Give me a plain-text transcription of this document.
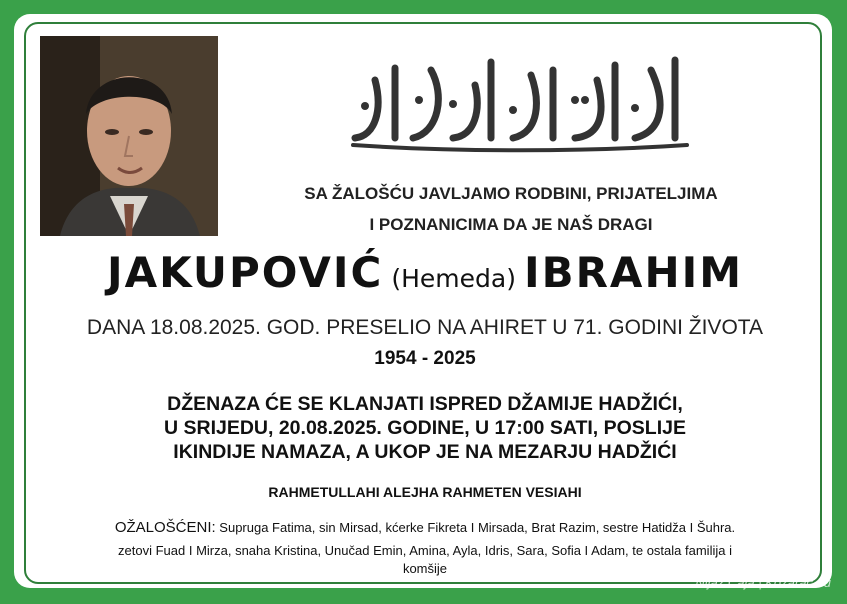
SA ŽALOŠĆU JAVLJAMO RODBINI, PRIJATELJIMA
I POZNANICIMA DA JE NAŠ DRAGI
JAKUPOVIĆ (Hemeda) IBRAHIM
DANA 18.08.2025. GOD. PRESELIO NA AHIRET U 71. GODINI ŽIVOTA
1954 - 2025
DŽENAZA ĆE SE KLANJATI ISPRED DŽAMIJE HADŽIĆI,
U SRIJEDU, 20.08.2025. GODINE, U 17:00 SATI, POSLIJE
IKINDIJE NAMAZA, A UKOP JE NA MEZARJU HADŽIĆI
RAHMETULLAHI ALEJHA RAHMETEN VESIAHI
OŽALOŠĆENI: Supruga Fatima, sin Mirsad, kćerke Fikreta I Mirsada, Brat Razim, sestre Hatidža I Šuhra.
zetovi Fuad I Mirza, snaha Kristina, Unučad Emin, Amina, Ayla, Idris, Sara, Sofia I Adam, te ostala familija i
komšije
Nijaz Caja | Kozarac.eu
